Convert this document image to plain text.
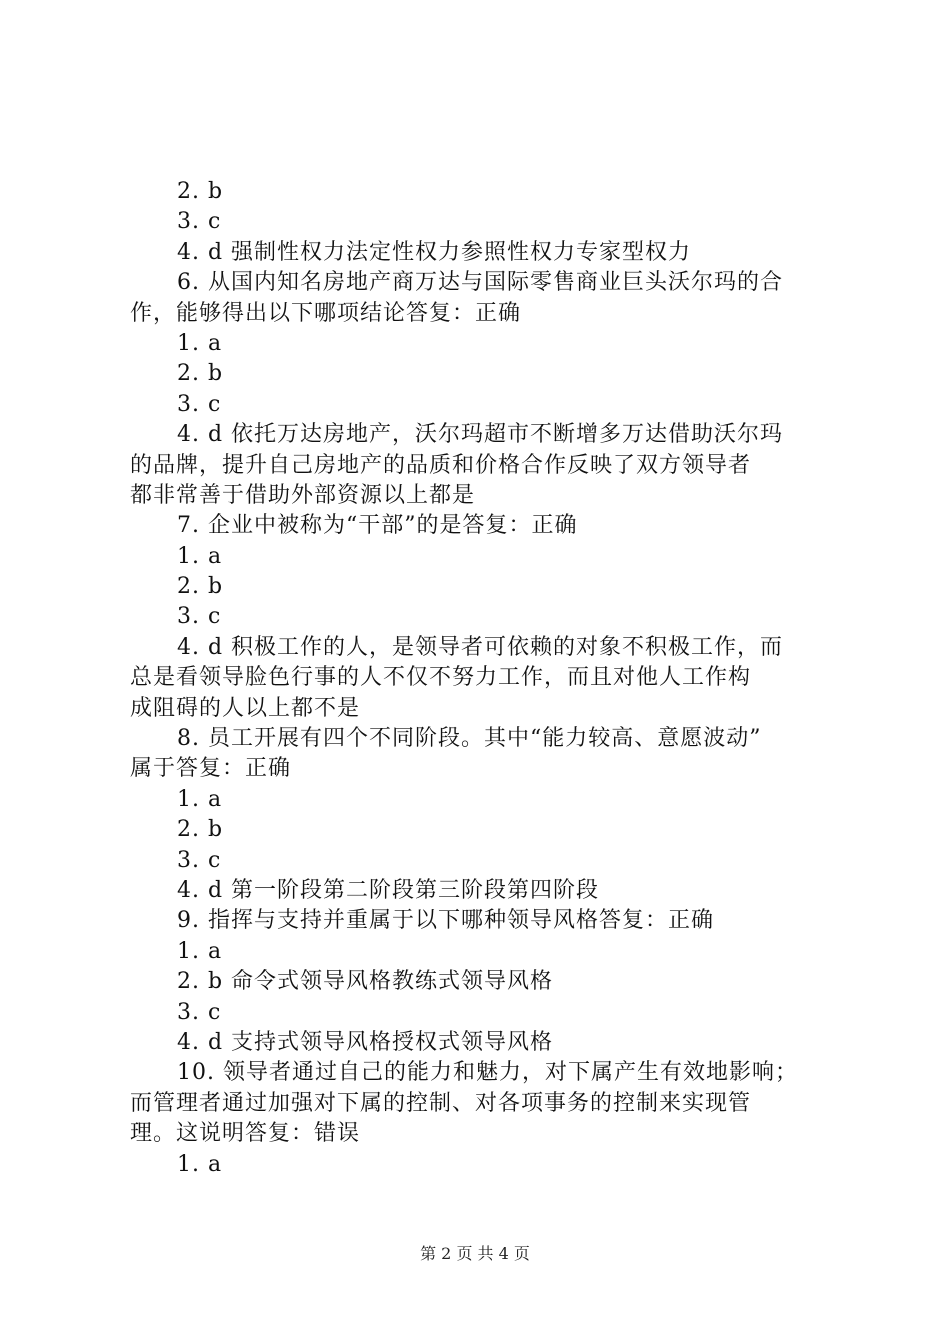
2. b
3. c
4. d 强制性权力法定性权力参照性权力专家型权力
6. 从国内知名房地产商万达与国际零售商业巨头沃尔玛的合
作，能够得出以下哪项结论答复：正确
1. a
2. b
3. c
4. d 依托万达房地产，沃尔玛超市不断增多万达借助沃尔玛
的品牌，提升自己房地产的品质和价格合作反映了双方领导者
都非常善于借助外部资源以上都是
7. 企业中被称为“干部”的是答复：正确
1. a
2. b
3. c
4. d 积极工作的人，是领导者可依赖的对象不积极工作，而
总是看领导脸色行事的人不仅不努力工作，而且对他人工作构
成阻碍的人以上都不是
8. 员工开展有四个不同阶段。其中“能力较高、意愿波动”
属于答复：正确
1. a
2. b
3. c
4. d 第一阶段第二阶段第三阶段第四阶段
9. 指挥与支持并重属于以下哪种领导风格答复：正确
1. a
2. b 命令式领导风格教练式领导风格
3. c
4. d 支持式领导风格授权式领导风格
10. 领导者通过自己的能力和魅力，对下属产生有效地影响；
而管理者通过加强对下属的控制、对各项事务的控制来实现管
理。这说明答复：错误
1. a
第 2 页 共 4 页
